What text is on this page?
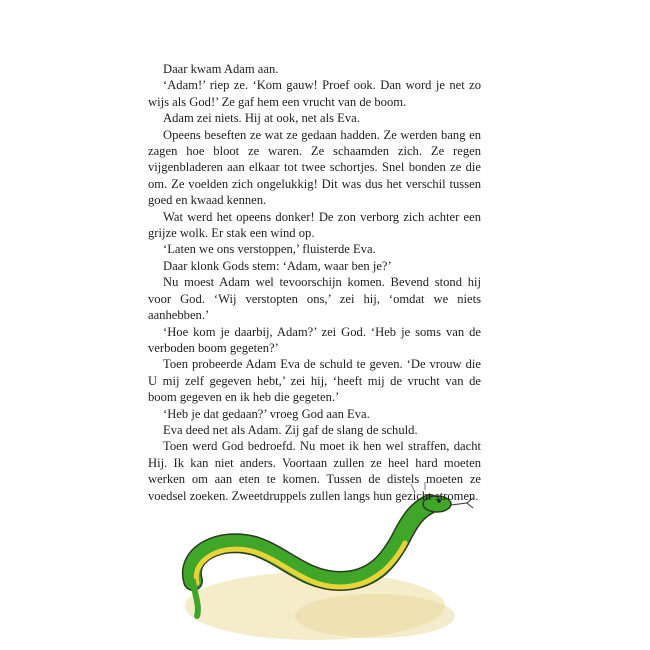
Daar kwam Adam aan.

‘Adam!’ riep ze. ‘Kom gauw! Proef ook. Dan word je net zo wijs als God!’ Ze gaf hem een vrucht van de boom.

Adam zei niets. Hij at ook, net als Eva.

Opeens beseften ze wat ze gedaan hadden. Ze werden bang en zagen hoe bloot ze waren. Ze schaamden zich. Ze regen vijgenbladeren aan elkaar tot twee schortjes. Snel bonden ze die om. Ze voelden zich ongelukkig! Dit was dus het verschil tussen goed en kwaad kennen.

Wat werd het opeens donker! De zon verborg zich achter een grijze wolk. Er stak een wind op.

‘Laten we ons verstoppen,’ fluisterde Eva.

Daar klonk Gods stem: ‘Adam, waar ben je?’

Nu moest Adam wel tevoorschijn komen. Bevend stond hij voor God. ‘Wij verstopten ons,’ zei hij, ‘omdat we niets aanhebben.’

‘Hoe kom je daarbij, Adam?’ zei God. ‘Heb je soms van de verboden boom gegeten?’

Toen probeerde Adam Eva de schuld te geven. ‘De vrouw die U mij zelf gegeven hebt,’ zei hij, ‘heeft mij de vrucht van de boom gegeven en ik heb die gegeten.’

‘Heb je dat gedaan?’ vroeg God aan Eva.

Eva deed net als Adam. Zij gaf de slang de schuld.

Toen werd God bedroefd. Nu moet ik hen wel straffen, dacht Hij. Ik kan niet anders. Voortaan zullen ze heel hard moeten werken om aan eten te komen. Tussen de distels moeten ze voedsel zoeken. Zweetdruppels zullen langs hun gezicht stromen.
